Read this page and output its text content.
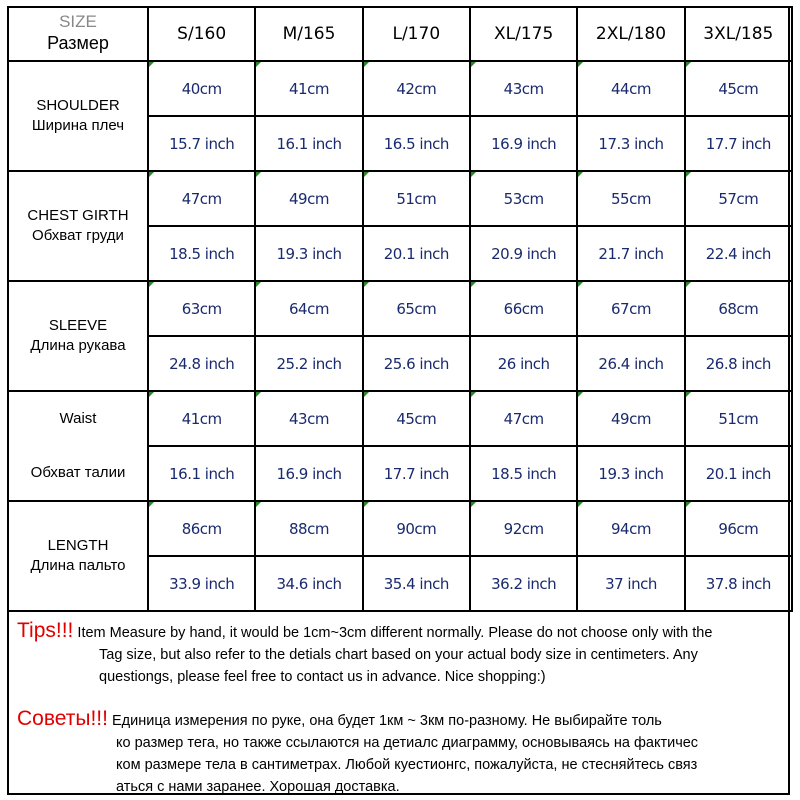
SIZE
Размер	S/160	M/165	L/170	XL/175	2XL/180	3XL/185

SHOULDER
Ширина плеч	40cm	41cm	42cm	43cm	44cm	45cm
	15.7 inch	16.1 inch	16.5 inch	16.9 inch	17.3 inch	17.7 inch

CHEST GIRTH
Обхват груди	47cm	49cm	51cm	53cm	55cm	57cm
	18.5 inch	19.3 inch	20.1 inch	20.9 inch	21.7 inch	22.4 inch

SLEEVE
Длина рукава	63cm	64cm	65cm	66cm	67cm	68cm
	24.8 inch	25.2 inch	25.6 inch	26 inch	26.4 inch	26.8 inch

Waist
Обхват талии	41cm	43cm	45cm	47cm	49cm	51cm
	16.1 inch	16.9 inch	17.7 inch	18.5 inch	19.3 inch	20.1 inch

LENGTH
Длина пальто	86cm	88cm	90cm	92cm	94cm	96cm
	33.9 inch	34.6 inch	35.4 inch	36.2 inch	37 inch	37.8 inch
Tips!!! Item Measure by hand, it would be 1cm~3cm different normally. Please do not choose only with the
Tag size, but also refer to the detials chart based on your actual body size in centimeters. Any
questiongs, please feel free to contact us in advance. Nice shopping:)
Советы!!! Единица измерения по руке, она будет 1км ~ 3км по-разному. Не выбирайте толь
ко размер тега, но также ссылаются на детиалс диаграмму, основываясь на фактичес
ком размере тела в сантиметрах. Любой куестионгс, пожалуйста, не стесняйтесь связ
аться с нами заранее. Хорошая доставка.
